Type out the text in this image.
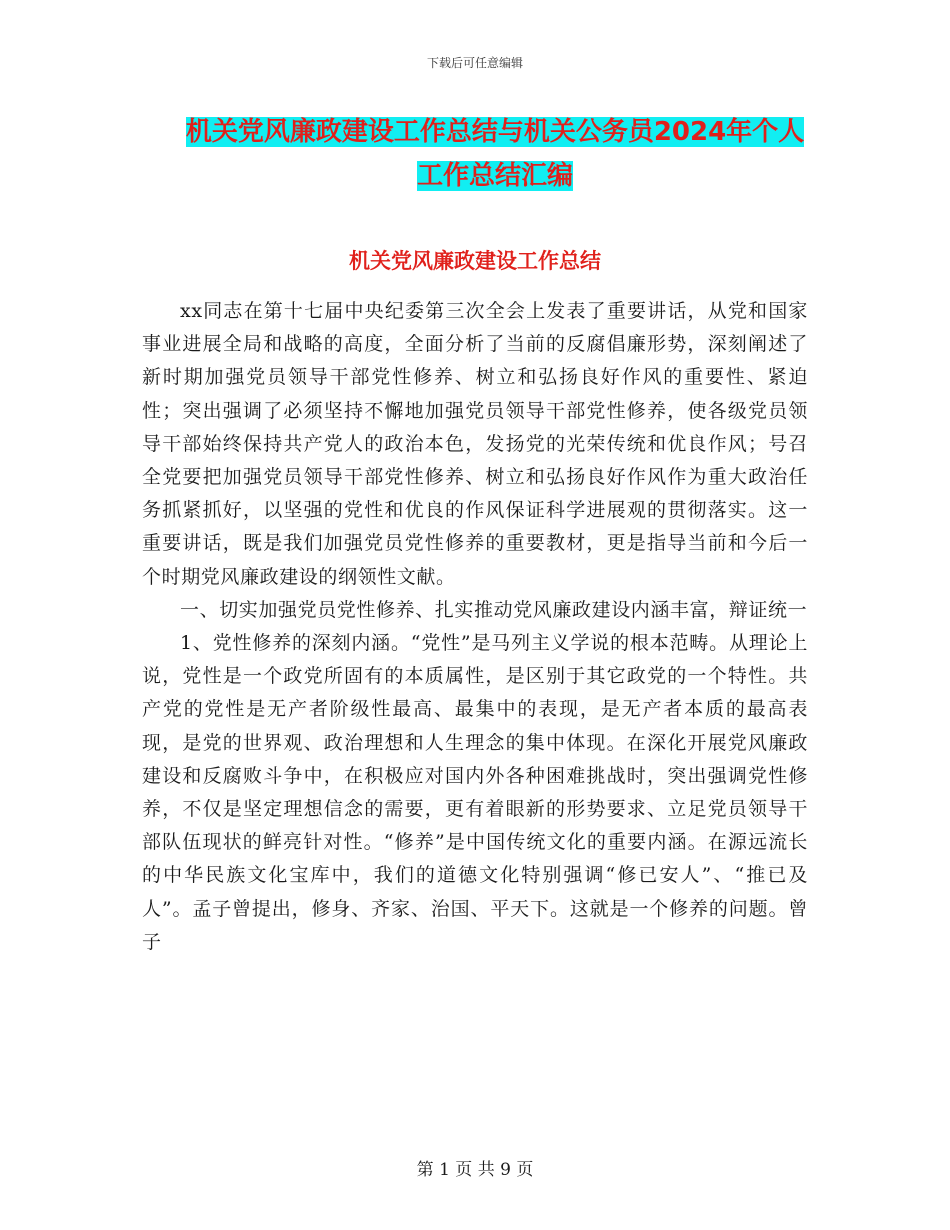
下载后可任意编辑
机关党风廉政建设工作总结与机关公务员2024年个人
工作总结汇编
机关党风廉政建设工作总结

xx同志在第十七届中央纪委第三次全会上发表了重要讲话，从党和国家事业进展全局和战略的高度，全面分析了当前的反腐倡廉形势，深刻阐述了新时期加强党员领导干部党性修养、树立和弘扬良好作风的重要性、紧迫性；突出强调了必须坚持不懈地加强党员领导干部党性修养，使各级党员领导干部始终保持共产党人的政治本色，发扬党的光荣传统和优良作风；号召全党要把加强党员领导干部党性修养、树立和弘扬良好作风作为重大政治任务抓紧抓好，以坚强的党性和优良的作风保证科学进展观的贯彻落实。这一重要讲话，既是我们加强党员党性修养的重要教材，更是指导当前和今后一个时期党风廉政建设的纲领性文献。

一、切实加强党员党性修养、扎实推动党风廉政建设内涵丰富，辩证统一

1、党性修养的深刻内涵。“党性”是马列主义学说的根本范畴。从理论上说，党性是一个政党所固有的本质属性，是区别于其它政党的一个特性。共产党的党性是无产者阶级性最高、最集中的表现，是无产者本质的最高表现，是党的世界观、政治理想和人生理念的集中体现。在深化开展党风廉政建设和反腐败斗争中，在积极应对国内外各种困难挑战时，突出强调党性修养，不仅是坚定理想信念的需要，更有着眼新的形势要求、立足党员领导干部队伍现状的鲜亮针对性。“修养”是中国传统文化的重要内涵。在源远流长的中华民族文化宝库中，我们的道德文化特别强调“修已安人”、“推已及人”。孟子曾提出，修身、齐家、治国、平天下。这就是一个修养的问题。曾子

第 1 页 共 9 页
